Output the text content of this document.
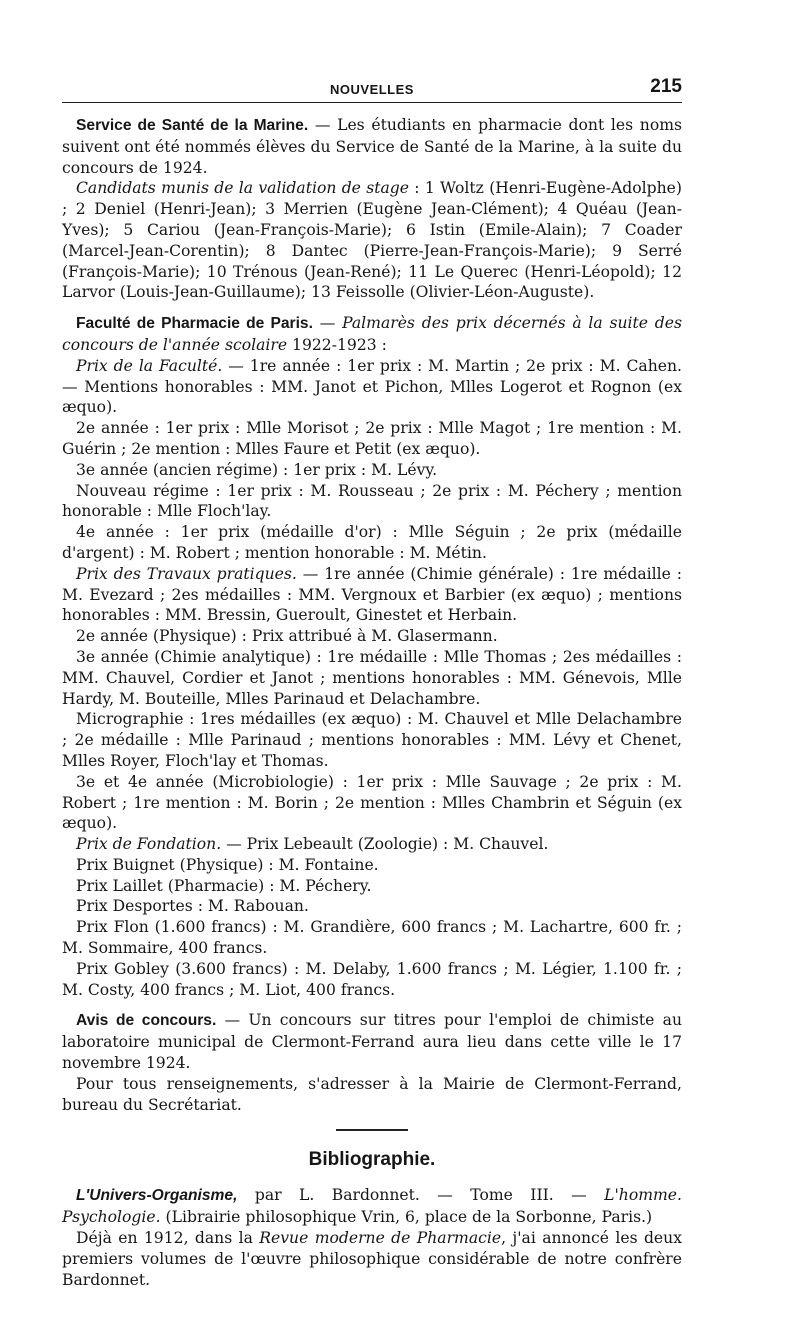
NOUVELLES	215

Service de Santé de la Marine. — Les étudiants en pharmacie dont les noms suivent ont été nommés élèves du Service de Santé de la Marine, à la suite du concours de 1924.

Candidats munis de la validation de stage : 1 Woltz (Henri-Eugène-Adolphe) ; 2 Deniel (Henri-Jean); 3 Merrien (Eugène Jean-Clément); 4 Quéau (Jean-Yves); 5 Cariou (Jean-François-Marie); 6 Istin (Emile-Alain); 7 Coader (Marcel-Jean-Corentin); 8 Dantec (Pierre-Jean-François-Marie); 9 Serré (François-Marie); 10 Trénous (Jean-René); 11 Le Querec (Henri-Léopold); 12 Larvor (Louis-Jean-Guillaume); 13 Feissolle (Olivier-Léon-Auguste).

Faculté de Pharmacie de Paris. — Palmarès des prix décernés à la suite des concours de l'année scolaire 1922-1923 :

Prix de la Faculté. — 1re année : 1er prix : M. Martin ; 2e prix : M. Cahen. — Mentions honorables : MM. Janot et Pichon, Mlles Logerot et Rognon (ex æquo).

2e année : 1er prix : Mlle Morisot ; 2e prix : Mlle Magot ; 1re mention : M. Guérin ; 2e mention : Mlles Faure et Petit (ex æquo).

3e année (ancien régime) : 1er prix : M. Lévy.

Nouveau régime : 1er prix : M. Rousseau ; 2e prix : M. Péchery ; mention honorable : Mlle Floch'lay.

4e année : 1er prix (médaille d'or) : Mlle Séguin ; 2e prix (médaille d'argent) : M. Robert ; mention honorable : M. Métin.

Prix des Travaux pratiques. — 1re année (Chimie générale) : 1re médaille : M. Evezard ; 2es médailles : MM. Vergnoux et Barbier (ex æquo) ; mentions honorables : MM. Bressin, Gueroult, Ginestet et Herbain.

2e année (Physique) : Prix attribué à M. Glasermann.

3e année (Chimie analytique) : 1re médaille : Mlle Thomas ; 2es médailles : MM. Chauvel, Cordier et Janot ; mentions honorables : MM. Génevois, Mlle Hardy, M. Bouteille, Mlles Parinaud et Delachambre.

Micrographie : 1res médailles (ex æquo) : M. Chauvel et Mlle Delachambre ; 2e médaille : Mlle Parinaud ; mentions honorables : MM. Lévy et Chenet, Mlles Royer, Floch'lay et Thomas.

3e et 4e année (Microbiologie) : 1er prix : Mlle Sauvage ; 2e prix : M. Robert ; 1re mention : M. Borin ; 2e mention : Mlles Chambrin et Séguin (ex æquo).

Prix de Fondation. — Prix Lebeault (Zoologie) : M. Chauvel.

Prix Buignet (Physique) : M. Fontaine.

Prix Laillet (Pharmacie) : M. Péchery.

Prix Desportes : M. Rabouan.

Prix Flon (1.600 francs) : M. Grandière, 600 francs ; M. Lachartre, 600 fr. ; M. Sommaire, 400 francs.

Prix Gobley (3.600 francs) : M. Delaby, 1.600 francs ; M. Légier, 1.100 fr. ; M. Costy, 400 francs ; M. Liot, 400 francs.

Avis de concours. — Un concours sur titres pour l'emploi de chimiste au laboratoire municipal de Clermont-Ferrand aura lieu dans cette ville le 17 novembre 1924.

Pour tous renseignements, s'adresser à la Mairie de Clermont-Ferrand, bureau du Secrétariat.

Bibliographie.

L'Univers-Organisme, par L. Bardonnet. — Tome III. — L'homme. Psychologie. (Librairie philosophique Vrin, 6, place de la Sorbonne, Paris.)

Déjà en 1912, dans la Revue moderne de Pharmacie, j'ai annoncé les deux premiers volumes de l'œuvre philosophique considérable de notre confrère Bardonnet.
